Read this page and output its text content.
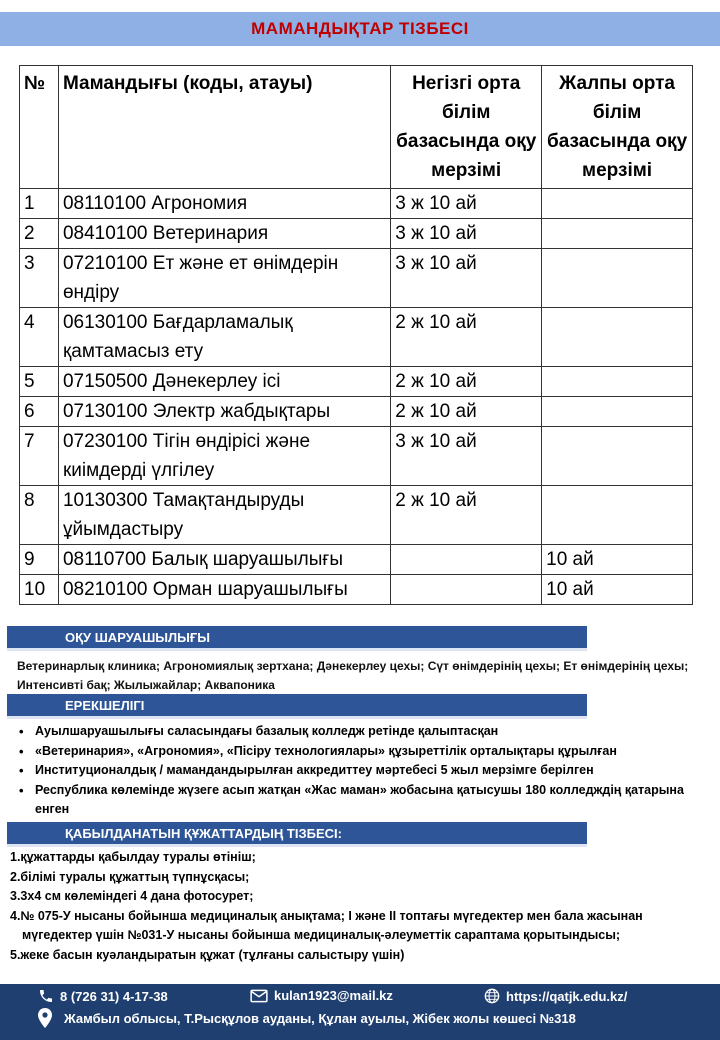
МАМАНДЫҚТАР ТІЗБЕСІ
№	Мамандығы (коды, атауы)	Негізгі орта білім базасында оқу мерзімі	Жалпы орта білім базасында оқу мерзімі
1	08110100 Агрономия	3 ж 10 ай	
2	08410100 Ветеринария	3 ж 10 ай	
3	07210100 Ет және ет өнімдерін өндіру	3 ж 10 ай	
4	06130100 Бағдарламалық қамтамасыз ету	2 ж 10 ай	
5	07150500 Дәнекерлеу ісі	2 ж 10 ай	
6	07130100 Электр жабдықтары	2 ж 10 ай	
7	07230100 Тігін өндірісі және киімдерді үлгілеу	3 ж 10 ай	
8	10130300 Тамақтандыруды ұйымдастыру	2 ж 10 ай	
9	08110700 Балық шаруашылығы		10 ай
10	08210100 Орман шаруашылығы		10 ай
ОҚУ ШАРУАШЫЛЫҒЫ
Ветеринарлық клиника; Агрономиялық зертхана; Дәнекерлеу цехы; Сүт өнімдерінің цехы; Ет өнімдерінің цехы; Интенсивті бақ; Жылыжайлар; Аквапоника
ЕРЕКШЕЛІГІ
• Ауылшаруашылығы саласындағы базалық колледж ретінде қалыптасқан
• «Ветеринария», «Агрономия», «Пісіру технологиялары» құзыреттілік орталықтары құрылған
• Институционалдық / мамандандырылған аккредиттеу мәртебесі 5 жыл мерзімге берілген
• Республика көлемінде жүзеге асып жатқан «Жас маман» жобасына қатысушы 180 колледждің қатарына енген
ҚАБЫЛДАНАТЫН ҚҰЖАТТАРДЫҢ ТІЗБЕСІ:
1.құжаттарды қабылдау туралы өтініш;
2.білімі туралы құжаттың түпнұсқасы;
3.3х4 см көлеміндегі 4 дана фотосурет;
4.№ 075-У нысаны бойынша медициналық анықтама; I және II топтағы мүгедектер мен бала жасынан мүгедектер үшін №031-У нысаны бойынша медициналық-әлеуметтік сараптама қорытындысы;
5.жеке басын куәландыратын құжат (тұлғаны салыстыру үшін)
8 (726 31) 4-17-38	kulan1923@mail.kz	https://qatjk.edu.kz/
Жамбыл облысы, Т.Рысқұлов ауданы, Құлан ауылы, Жібек жолы көшесі №318
